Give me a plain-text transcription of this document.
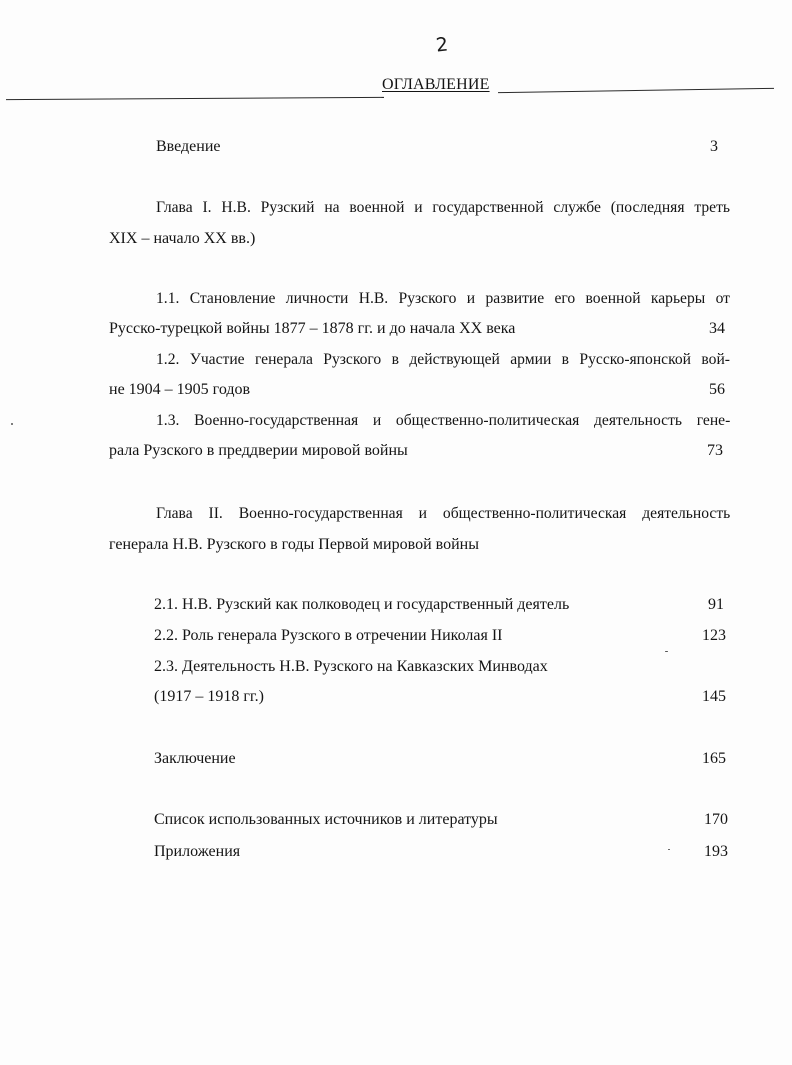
2
ОГЛАВЛЕНИЕ
Введение	3
Глава I. Н.В. Рузский на военной и государственной службе (последняя треть
XIX – начало XX вв.)
1.1. Становление личности Н.В. Рузского и развитие его военной карьеры от
Русско-турецкой войны 1877 – 1878 гг. и до начала XX века	34
1.2. Участие генерала Рузского в действующей армии в Русско-японской вой-
не 1904 – 1905 годов	56
1.3. Военно-государственная и общественно-политическая деятельность гене-
рала Рузского в преддверии мировой войны	73
Глава II. Военно-государственная и общественно-политическая деятельность
генерала Н.В. Рузского в годы Первой мировой войны
2.1. Н.В. Рузский как полководец и государственный деятель	91
2.2. Роль генерала Рузского в отречении Николая II	123
2.3. Деятельность Н.В. Рузского на Кавказских Минводах
(1917 – 1918 гг.)	145
Заключение	165
Список использованных источников и литературы	170
Приложения	193
